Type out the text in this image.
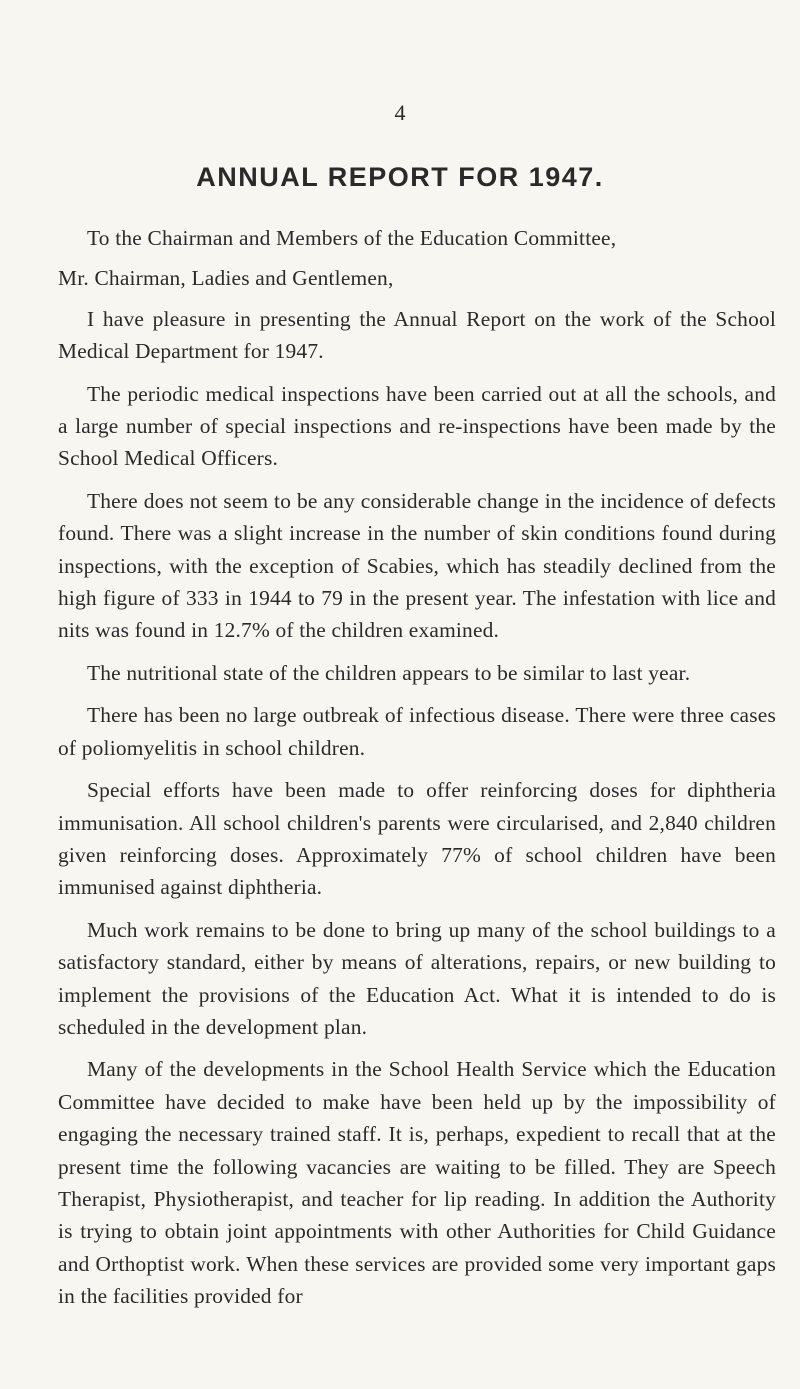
4
ANNUAL REPORT FOR 1947.

To the Chairman and Members of the Education Committee,

Mr. Chairman, Ladies and Gentlemen,

I have pleasure in presenting the Annual Report on the work of the School Medical Department for 1947.

The periodic medical inspections have been carried out at all the schools, and a large number of special inspections and re-inspections have been made by the School Medical Officers.

There does not seem to be any considerable change in the incidence of defects found. There was a slight increase in the number of skin conditions found during inspections, with the exception of Scabies, which has steadily declined from the high figure of 333 in 1944 to 79 in the present year. The infestation with lice and nits was found in 12.7% of the children examined.

The nutritional state of the children appears to be similar to last year.

There has been no large outbreak of infectious disease. There were three cases of poliomyelitis in school children.

Special efforts have been made to offer reinforcing doses for diphtheria immunisation. All school children's parents were circularised, and 2,840 children given reinforcing doses. Approximately 77% of school children have been immunised against diphtheria.

Much work remains to be done to bring up many of the school buildings to a satisfactory standard, either by means of alterations, repairs, or new building to implement the provisions of the Education Act. What it is intended to do is scheduled in the development plan.

Many of the developments in the School Health Service which the Education Committee have decided to make have been held up by the impossibility of engaging the necessary trained staff. It is, perhaps, expedient to recall that at the present time the following vacancies are waiting to be filled. They are Speech Therapist, Physiotherapist, and teacher for lip reading. In addition the Authority is trying to obtain joint appointments with other Authorities for Child Guidance and Orthoptist work. When these services are provided some very important gaps in the facilities provided for
